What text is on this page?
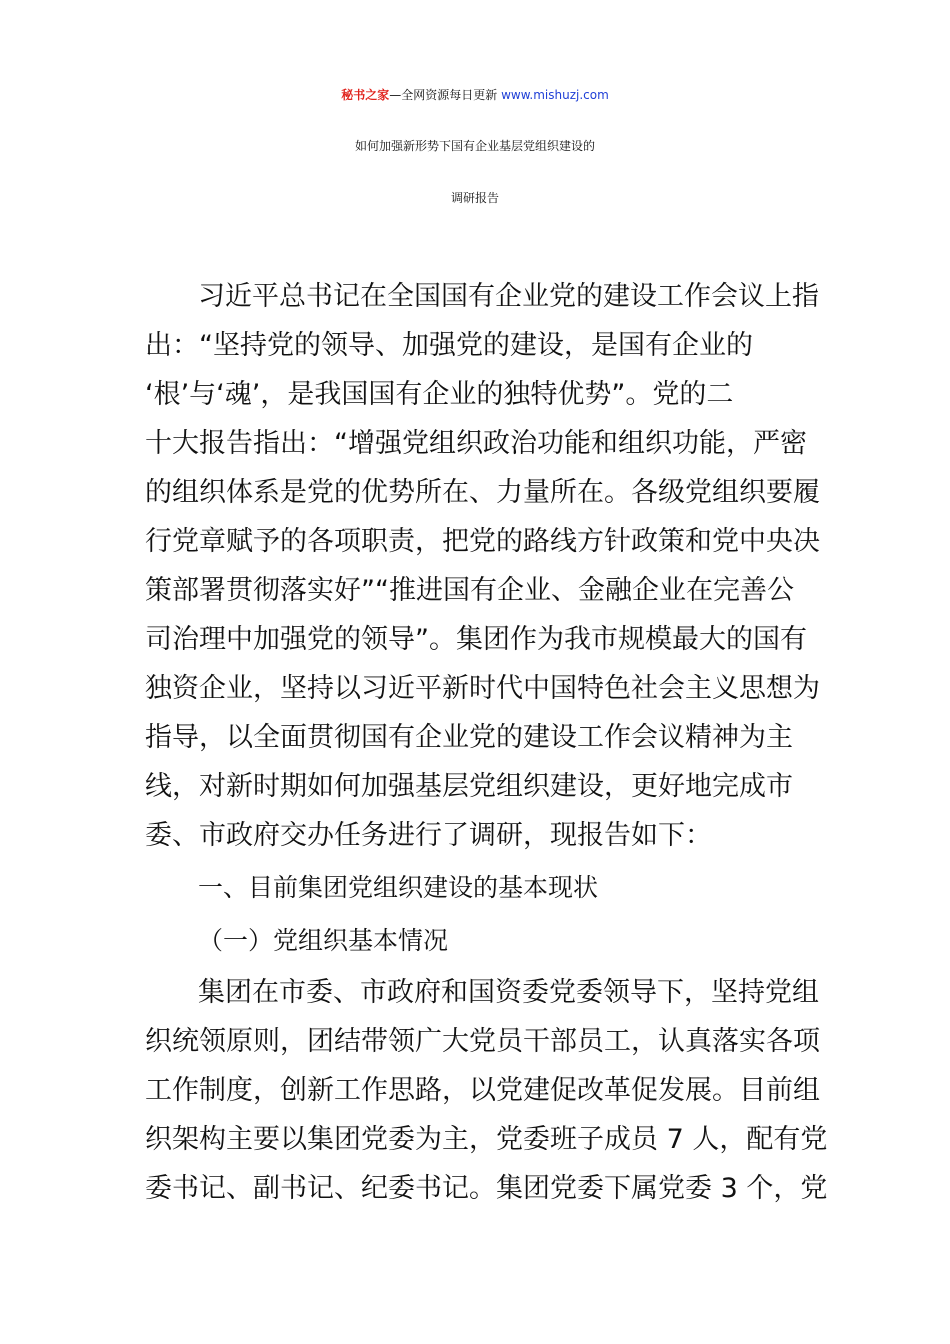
秘书之家—全网资源每日更新 www.mishuzj.com
如何加强新形势下国有企业基层党组织建设的
调研报告
习近平总书记在全国国有企业党的建设工作会议上指
出：“坚持党的领导、加强党的建设，是国有企业的
‘根’与‘魂’，是我国国有企业的独特优势”。党的二
十大报告指出：“增强党组织政治功能和组织功能，严密
的组织体系是党的优势所在、力量所在。各级党组织要履
行党章赋予的各项职责，把党的路线方针政策和党中央决
策部署贯彻落实好”“推进国有企业、金融企业在完善公
司治理中加强党的领导”。集团作为我市规模最大的国有
独资企业，坚持以习近平新时代中国特色社会主义思想为
指导，以全面贯彻国有企业党的建设工作会议精神为主
线，对新时期如何加强基层党组织建设，更好地完成市
委、市政府交办任务进行了调研，现报告如下：
一、目前集团党组织建设的基本现状
（一）党组织基本情况
集团在市委、市政府和国资委党委领导下，坚持党组
织统领原则，团结带领广大党员干部员工，认真落实各项
工作制度，创新工作思路，以党建促改革促发展。目前组
织架构主要以集团党委为主，党委班子成员 7 人，配有党
委书记、副书记、纪委书记。集团党委下属党委 3 个，党
